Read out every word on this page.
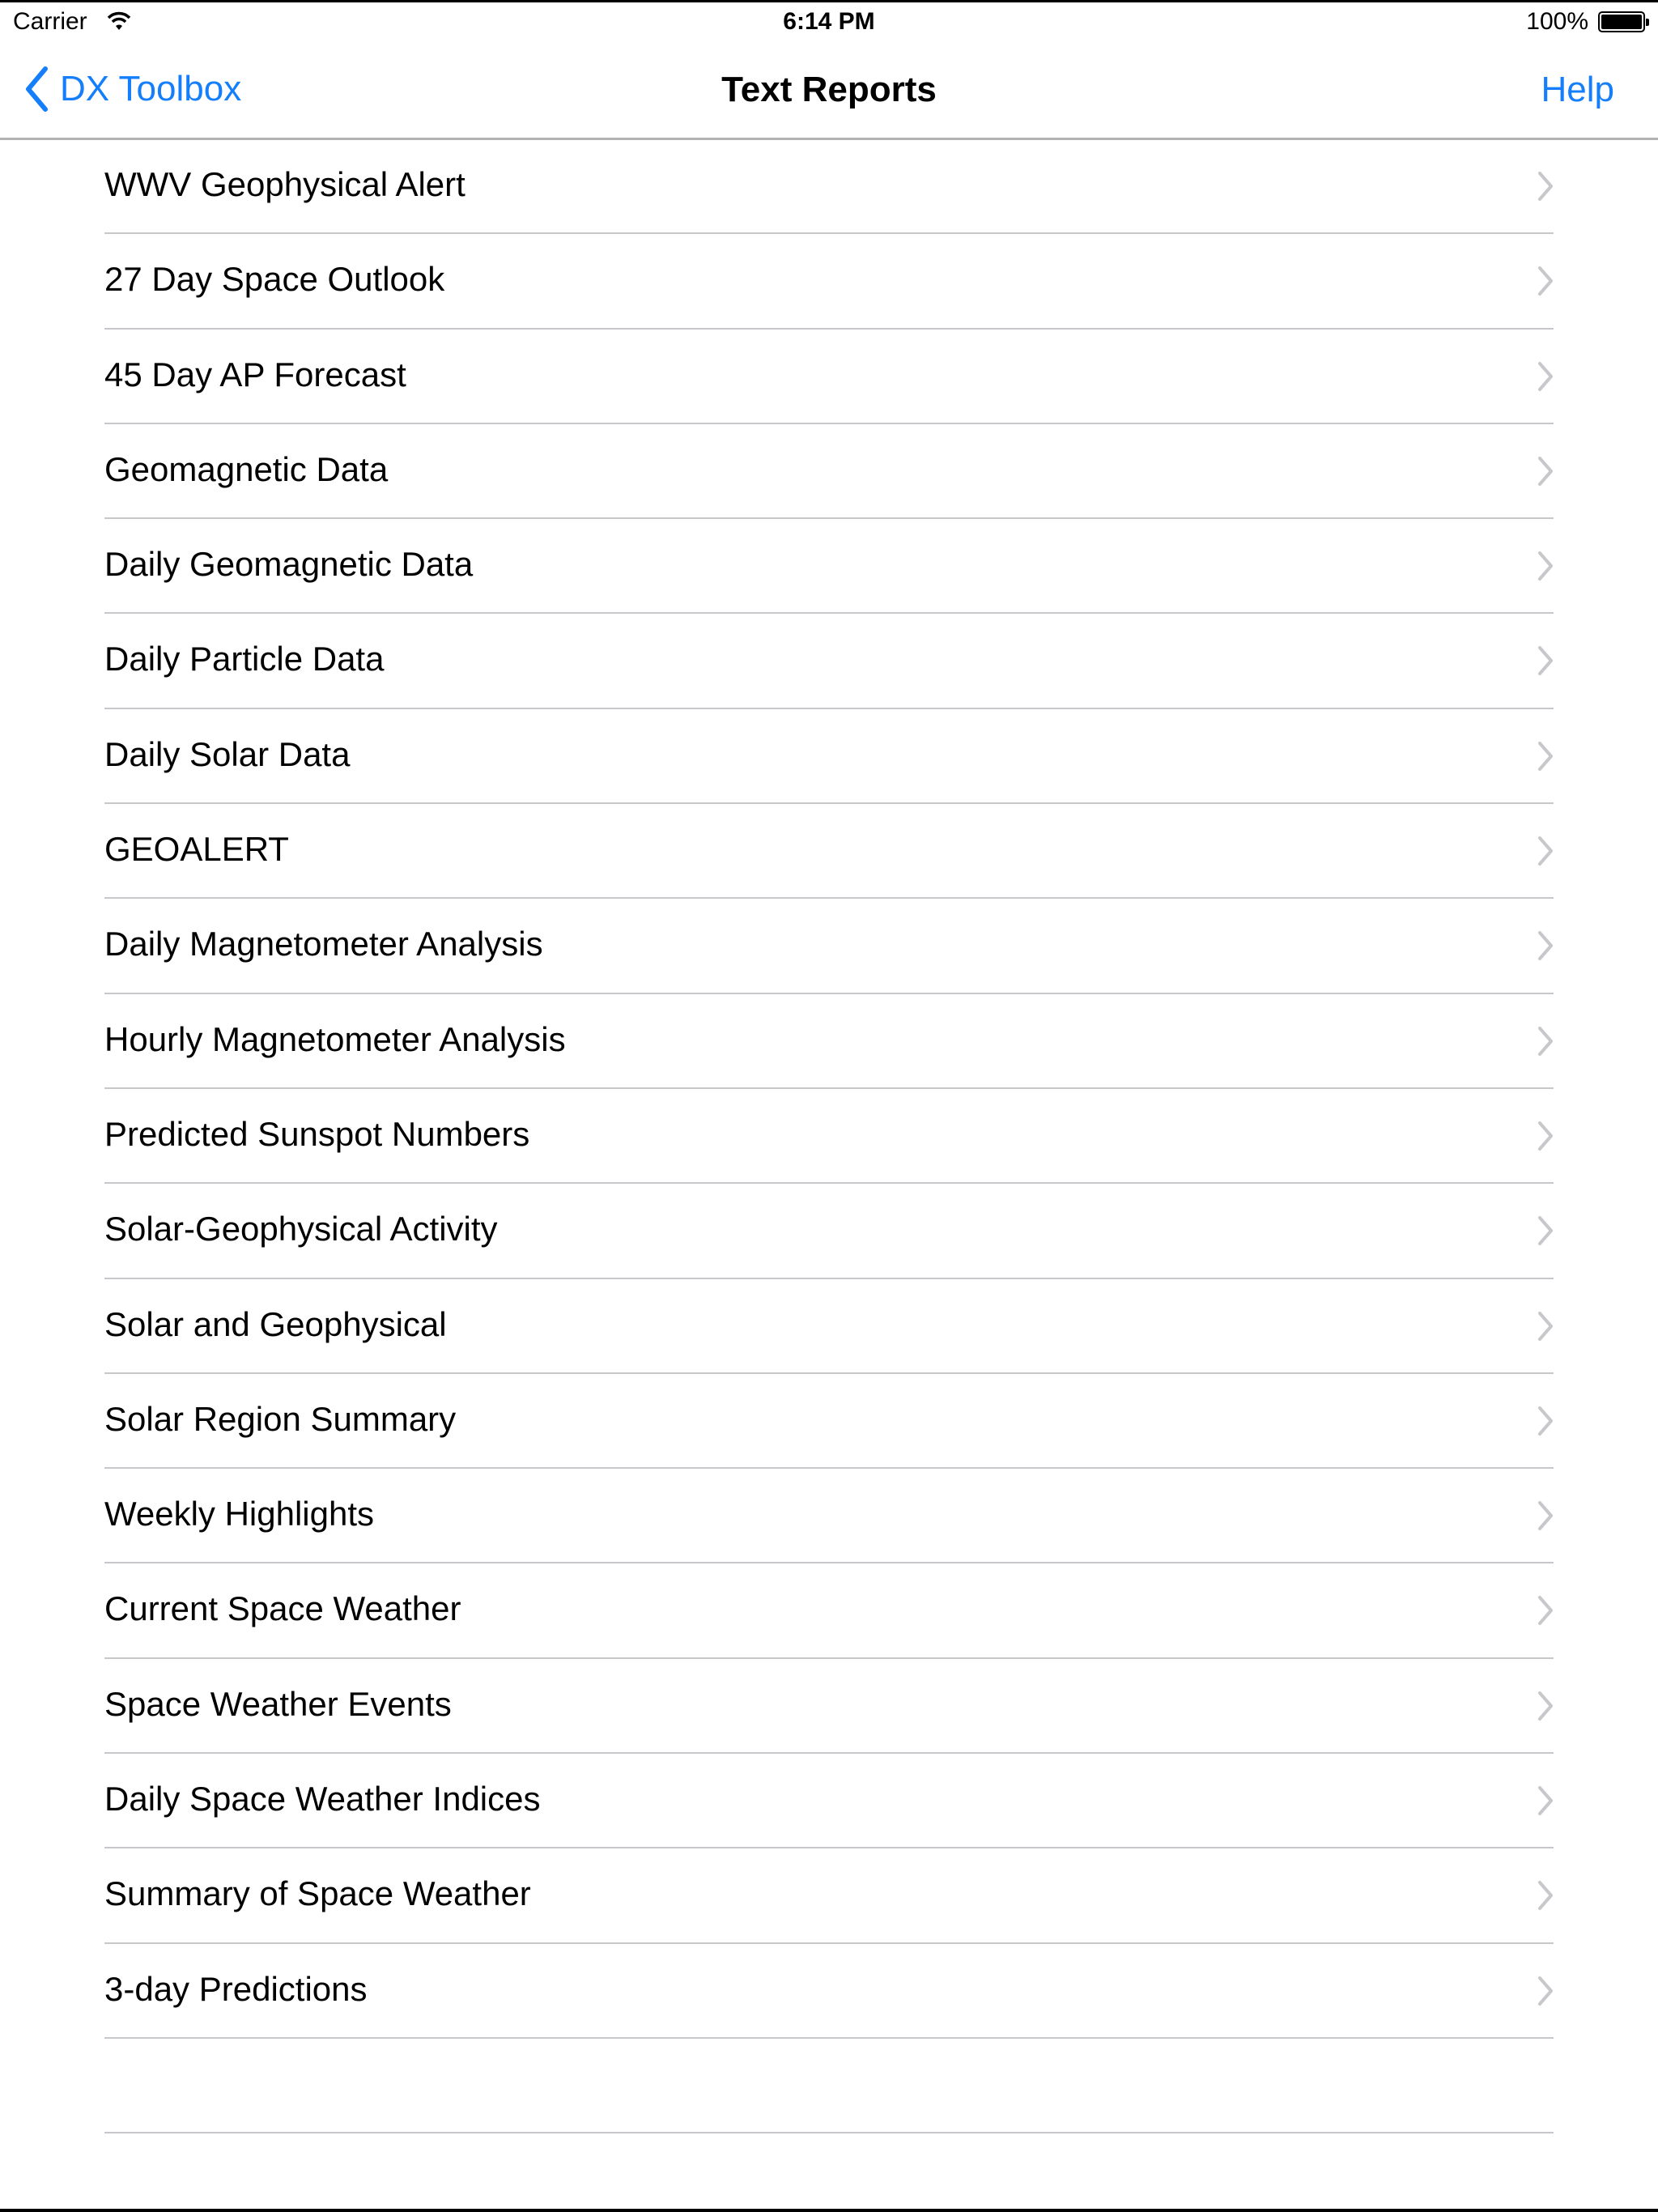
Carrier	6:14 PM	100%
DX Toolbox	Text Reports	Help
WWV Geophysical Alert
27 Day Space Outlook
45 Day AP Forecast
Geomagnetic Data
Daily Geomagnetic Data
Daily Particle Data
Daily Solar Data
GEOALERT
Daily Magnetometer Analysis
Hourly Magnetometer Analysis
Predicted Sunspot Numbers
Solar-Geophysical Activity
Solar and Geophysical
Solar Region Summary
Weekly Highlights
Current Space Weather
Space Weather Events
Daily Space Weather Indices
Summary of Space Weather
3-day Predictions
